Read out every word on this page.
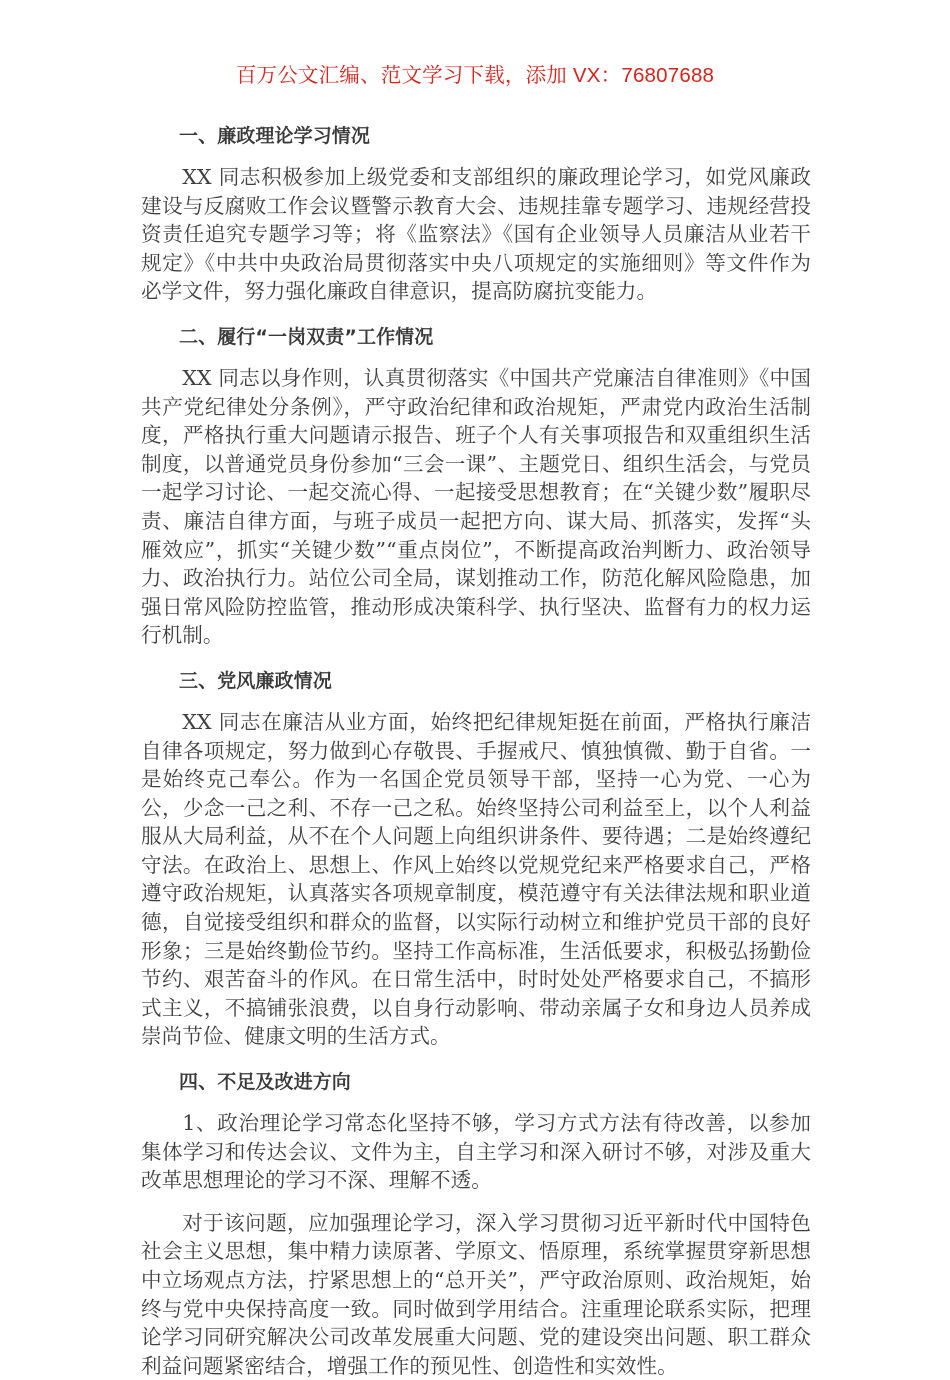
百万公文汇编、范文学习下载，添加 VX：76807688
一、廉政理论学习情况

XX 同志积极参加上级党委和支部组织的廉政理论学习，如党风廉政建设与反腐败工作会议暨警示教育大会、违规挂靠专题学习、违规经营投资责任追究专题学习等；将《监察法》《国有企业领导人员廉洁从业若干规定》《中共中央政治局贯彻落实中央八项规定的实施细则》等文件作为必学文件，努力强化廉政自律意识，提高防腐抗变能力。

二、履行“一岗双责”工作情况

XX 同志以身作则，认真贯彻落实《中国共产党廉洁自律准则》《中国共产党纪律处分条例》，严守政治纪律和政治规矩，严肃党内政治生活制度，严格执行重大问题请示报告、班子个人有关事项报告和双重组织生活制度，以普通党员身份参加“三会一课”、主题党日、组织生活会，与党员一起学习讨论、一起交流心得、一起接受思想教育；在“关键少数”履职尽责、廉洁自律方面，与班子成员一起把方向、谋大局、抓落实，发挥“头雁效应”，抓实“关键少数”“重点岗位”，不断提高政治判断力、政治领导力、政治执行力。站位公司全局，谋划推动工作，防范化解风险隐患，加强日常风险防控监管，推动形成决策科学、执行坚决、监督有力的权力运行机制。

三、党风廉政情况

XX 同志在廉洁从业方面，始终把纪律规矩挺在前面，严格执行廉洁自律各项规定，努力做到心存敬畏、手握戒尺、慎独慎微、勤于自省。一是始终克己奉公。作为一名国企党员领导干部，坚持一心为党、一心为公，少念一己之利、不存一己之私。始终坚持公司利益至上，以个人利益服从大局利益，从不在个人问题上向组织讲条件、要待遇；二是始终遵纪守法。在政治上、思想上、作风上始终以党规党纪来严格要求自己，严格遵守政治规矩，认真落实各项规章制度，模范遵守有关法律法规和职业道德，自觉接受组织和群众的监督，以实际行动树立和维护党员干部的良好形象；三是始终勤俭节约。坚持工作高标准，生活低要求，积极弘扬勤俭节约、艰苦奋斗的作风。在日常生活中，时时处处严格要求自己，不搞形式主义，不搞铺张浪费，以自身行动影响、带动亲属子女和身边人员养成崇尚节俭、健康文明的生活方式。

四、不足及改进方向

1、政治理论学习常态化坚持不够，学习方式方法有待改善，以参加集体学习和传达会议、文件为主，自主学习和深入研讨不够，对涉及重大改革思想理论的学习不深、理解不透。

对于该问题，应加强理论学习，深入学习贯彻习近平新时代中国特色社会主义思想，集中精力读原著、学原文、悟原理，系统掌握贯穿新思想中立场观点方法，拧紧思想上的“总开关”，严守政治原则、政治规矩，始终与党中央保持高度一致。同时做到学用结合。注重理论联系实际，把理论学习同研究解决公司改革发展重大问题、党的建设突出问题、职工群众利益问题紧密结合，增强工作的预见性、创造性和实效性。
